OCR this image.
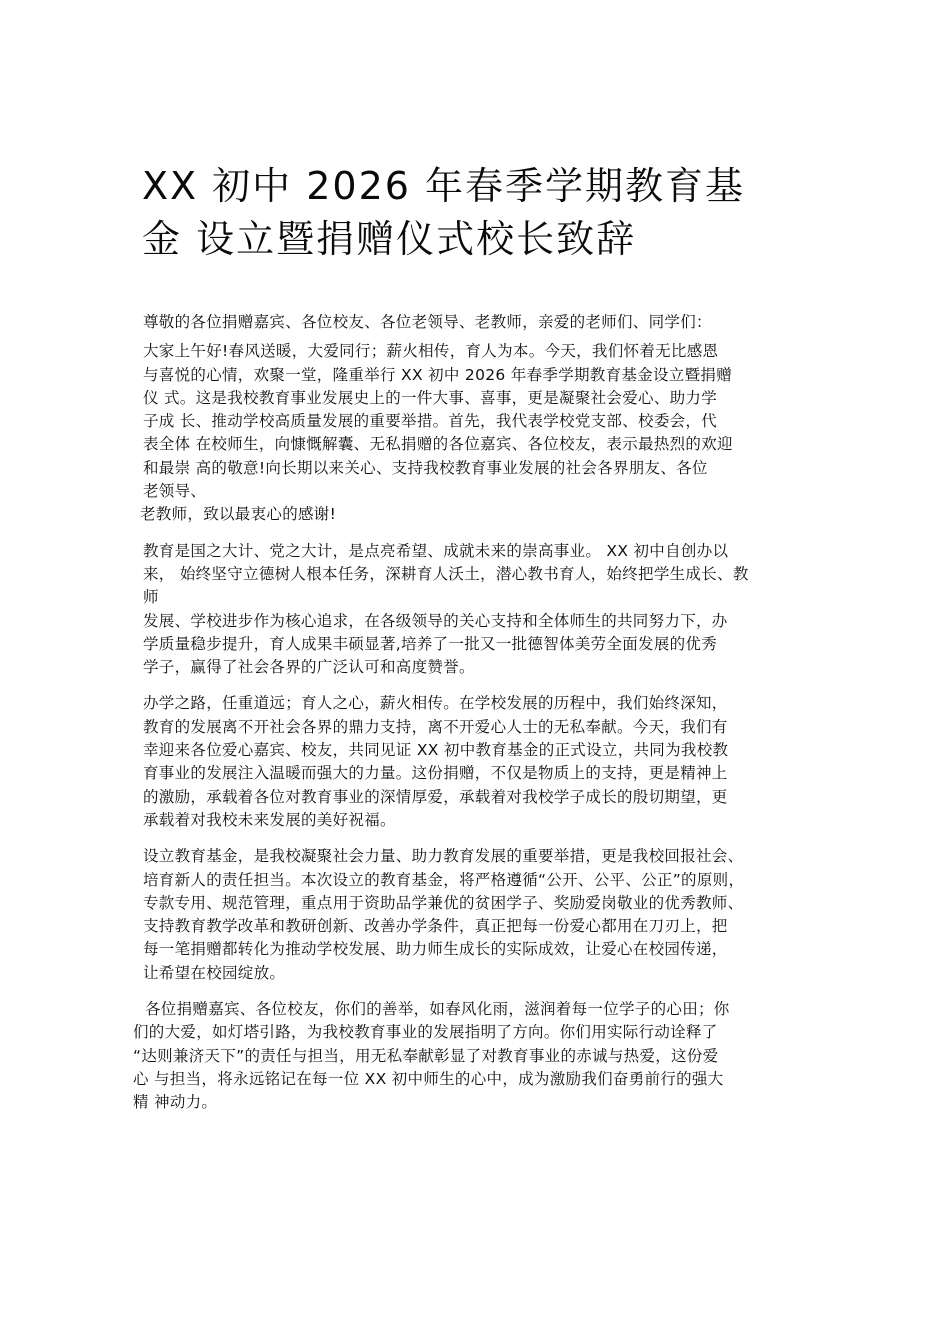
XX 初中 2026 年春季学期教育基
金 设立暨捐赠仪式校长致辞

尊敬的各位捐赠嘉宾、各位校友、各位老领导、老教师，亲爱的老师们、同学们：

大家上午好!春风送暖，大爱同行；薪火相传，育人为本。今天，我们怀着无比感恩
与喜悦的心情，欢聚一堂，隆重举行 XX 初中 2026 年春季学期教育基金设立暨捐赠
仪 式。这是我校教育事业发展史上的一件大事、喜事，更是凝聚社会爱心、助力学
子成 长、推动学校高质量发展的重要举措。首先，我代表学校党支部、校委会，代
表全体 在校师生，向慷慨解囊、无私捐赠的各位嘉宾、各位校友，表示最热烈的欢迎
和最崇 高的敬意!向长期以来关心、支持我校教育事业发展的社会各界朋友、各位
老领导、
老教师，致以最衷心的感谢!

教育是国之大计、党之大计，是点亮希望、成就未来的崇高事业。 XX 初中自创办以
来， 始终坚守立德树人根本任务，深耕育人沃土，潜心教书育人，始终把学生成长、教
师
发展、学校进步作为核心追求，在各级领导的关心支持和全体师生的共同努力下，办
学质量稳步提升，育人成果丰硕显著,培养了一批又一批德智体美劳全面发展的优秀
学子，赢得了社会各界的广泛认可和高度赞誉。

办学之路，任重道远；育人之心，薪火相传。在学校发展的历程中，我们始终深知，
教育的发展离不开社会各界的鼎力支持，离不开爱心人士的无私奉献。今天，我们有
幸迎来各位爱心嘉宾、校友，共同见证 XX 初中教育基金的正式设立，共同为我校教
育事业的发展注入温暖而强大的力量。这份捐赠，不仅是物质上的支持，更是精神上
的激励，承载着各位对教育事业的深情厚爱，承载着对我校学子成长的殷切期望，更
承载着对我校未来发展的美好祝福。

设立教育基金，是我校凝聚社会力量、助力教育发展的重要举措，更是我校回报社会、
培育新人的责任担当。本次设立的教育基金，将严格遵循“公开、公平、公正”的原则，
专款专用、规范管理，重点用于资助品学兼优的贫困学子、奖励爱岗敬业的优秀教师、
支持教育教学改革和教研创新、改善办学条件，真正把每一份爱心都用在刀刃上，把
每一笔捐赠都转化为推动学校发展、助力师生成长的实际成效，让爱心在校园传递，
让希望在校园绽放。

各位捐赠嘉宾、各位校友，你们的善举，如春风化雨，滋润着每一位学子的心田；你
们的大爱，如灯塔引路，为我校教育事业的发展指明了方向。你们用实际行动诠释了
“达则兼济天下”的责任与担当，用无私奉献彰显了对教育事业的赤诚与热爱，这份爱
心 与担当，将永远铭记在每一位 XX 初中师生的心中，成为激励我们奋勇前行的强大
精 神动力。
